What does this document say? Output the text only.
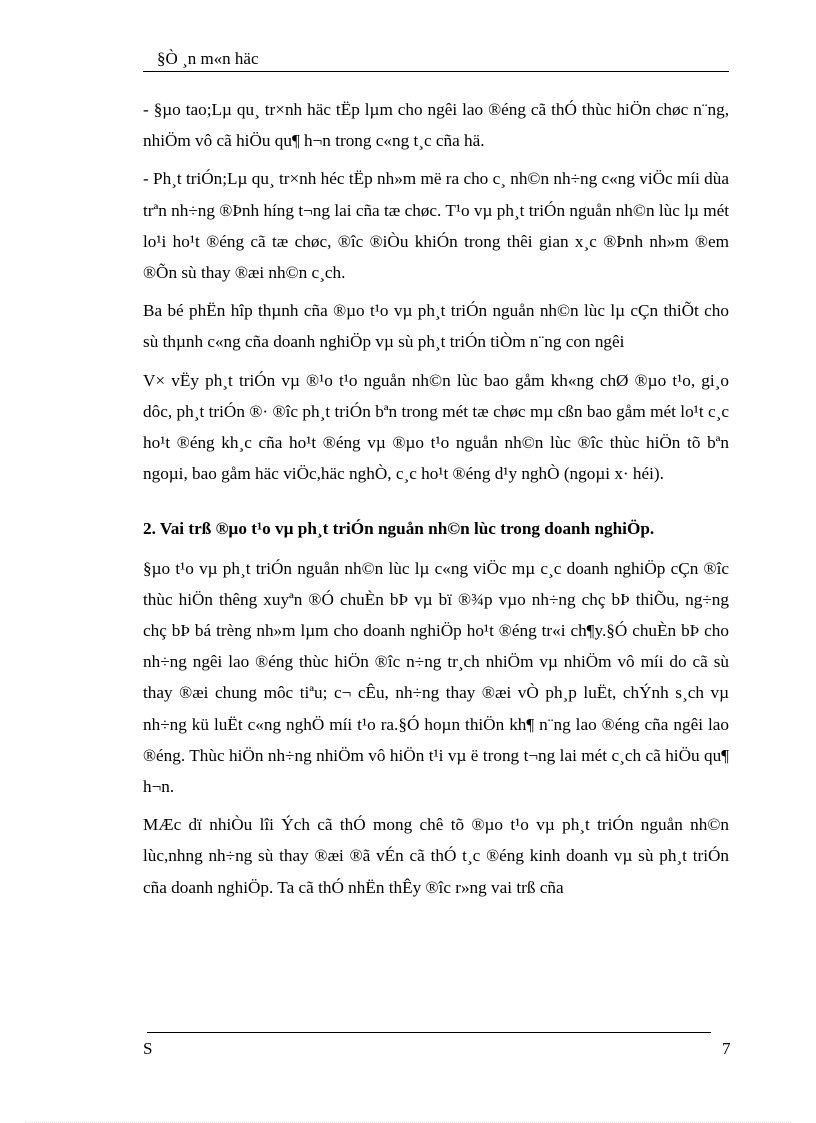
§Ò ¸n m«n häc

- §µo tao;Lµ qu¸ tr×nh häc tËp lµm cho ngêi lao ®éng cã thÓ thùc hiÖn chøc n¨ng, nhiÖm vô cã hiÖu qu¶ h¬n trong c«ng t¸c cña hä.

- Ph¸t triÓn;Lµ qu¸ tr×nh héc tËp nh»m më ra cho c¸ nh©n nh÷ng c«ng viÖc míi dùa trªn nh÷ng ®Þnh híng t¬ng lai cña tæ chøc. T¹o vµ ph¸t triÓn nguån nh©n lùc lµ mét lo¹i ho¹t ®éng cã tæ chøc, ®îc ®iÒu khiÓn trong thêi gian x¸c ®Þnh nh»m ®em ®Õn sù thay ®æi nh©n c¸ch.

Ba bé phËn hîp thµnh cña ®µo t¹o vµ ph¸t triÓn nguån nh©n lùc lµ cÇn thiÕt cho sù thµnh c«ng cña doanh nghiÖp vµ sù ph¸t triÓn tiÒm n¨ng con ngêi

V× vËy ph¸t triÓn vµ ®¹o t¹o nguån nh©n lùc bao gåm kh«ng chØ ®µo t¹o, gi¸o dôc, ph¸t triÓn ®· ®îc ph¸t triÓn bªn trong mét tæ chøc mµ cßn bao gåm mét lo¹t c¸c ho¹t ®éng kh¸c cña ho¹t ®éng vµ ®µo t¹o nguån nh©n lùc ®îc thùc hiÖn tõ bªn ngoµi, bao gåm häc viÖc,häc nghÒ, c¸c ho¹t ®éng d¹y nghÒ (ngoµi x· héi).

2. Vai trß ®µo t¹o vµ ph¸t triÓn nguån nh©n lùc trong doanh nghiÖp.

§µo t¹o vµ ph¸t triÓn nguån nh©n lùc lµ c«ng viÖc mµ c¸c doanh nghiÖp cÇn ®îc thùc hiÖn thêng xuyªn ®Ó chuÈn bÞ vµ bï ®¾p vµo nh÷ng chç bÞ thiÕu, ng÷ng chç bÞ bá trèng nh»m lµm cho doanh nghiÖp ho¹t ®éng tr«i ch¶y.§Ó chuÈn bÞ cho nh÷ng ngêi lao ®éng thùc hiÖn ®îc n÷ng tr¸ch nhiÖm vµ nhiÖm vô míi do cã sù thay ®æi chung môc tiªu; c¬ cÊu, nh÷ng thay ®æi vÒ ph¸p luËt, chÝnh s¸ch vµ nh÷ng kü luËt c«ng nghÖ míi t¹o ra.§Ó hoµn thiÖn kh¶ n¨ng lao ®éng cña ngêi lao ®éng. Thùc hiÖn nh÷ng nhiÖm vô hiÖn t¹i vµ ë trong t¬ng lai mét c¸ch cã hiÖu qu¶ h¬n.

MÆc dï nhiÒu lîi Ých cã thÓ mong chê tõ ®µo t¹o vµ ph¸t triÓn nguån nh©n lùc,nhng nh÷ng sù thay ®æi ®ã vÉn cã thÓ t¸c ®éng kinh doanh vµ sù ph¸t triÓn cña doanh nghiÖp. Ta cã thÓ nhËn thÊy ®îc r»ng vai trß cña

S	7
